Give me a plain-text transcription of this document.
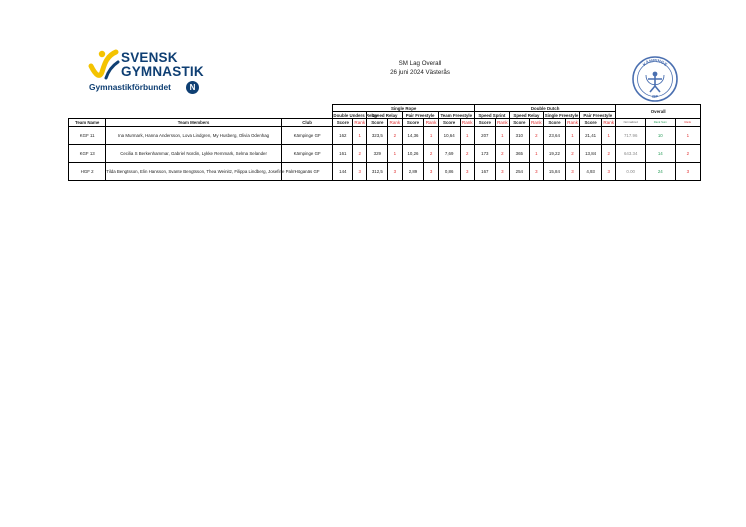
SVENSK
GYMNASTIK
Gymnastikförbundet	N
SM Lag Overall
26 juni 2024 Västerås
KÄMPINGE
GF
			Single Rope								Double Dutch								Overall		
			Double Unders Relay		Speed Relay		Pair Freestyle		Team Freestyle		Speed Sprint		Speed Relay		Single Freestyle		Pair Freestyle				
Team Name	Team Members	Club	Score	Rank	Score	Rank	Score	Rank	Score	Rank	Score	Rank	Score	Rank	Score	Rank	Score	Rank	Normalized	Rank Sum	Rank
KGF 11	Ina Murmark, Hanna Andersson, Lova Lindgren, My Husberg, Olivia Odenhag	Kämpinge GF	162	1	323,5	2	14,36	1	10,64	1	207	1	310	2	23,64	1	21,41	1	717.96	10	1
KGF 13	Cecilia S Berkenhammar, Gabriel Nordin, Lykke Remmark, Selma Selander	Kämpinge GF	161	2	329	1	10,26	2	7,69	2	173	2	365	1	19,22	2	13,84	2	643.34	14	2
HGF 2	Tilda Bengtsson, Elin Hansson, Svante Bengtsson, Thea Weinitz, Filippa Lindberg, Josefine Palm	Höganäs GF	144	3	312,5	3	2,89	3	0,86	3	167	3	254	3	15,84	3	4,93	3	0.00	24	3
